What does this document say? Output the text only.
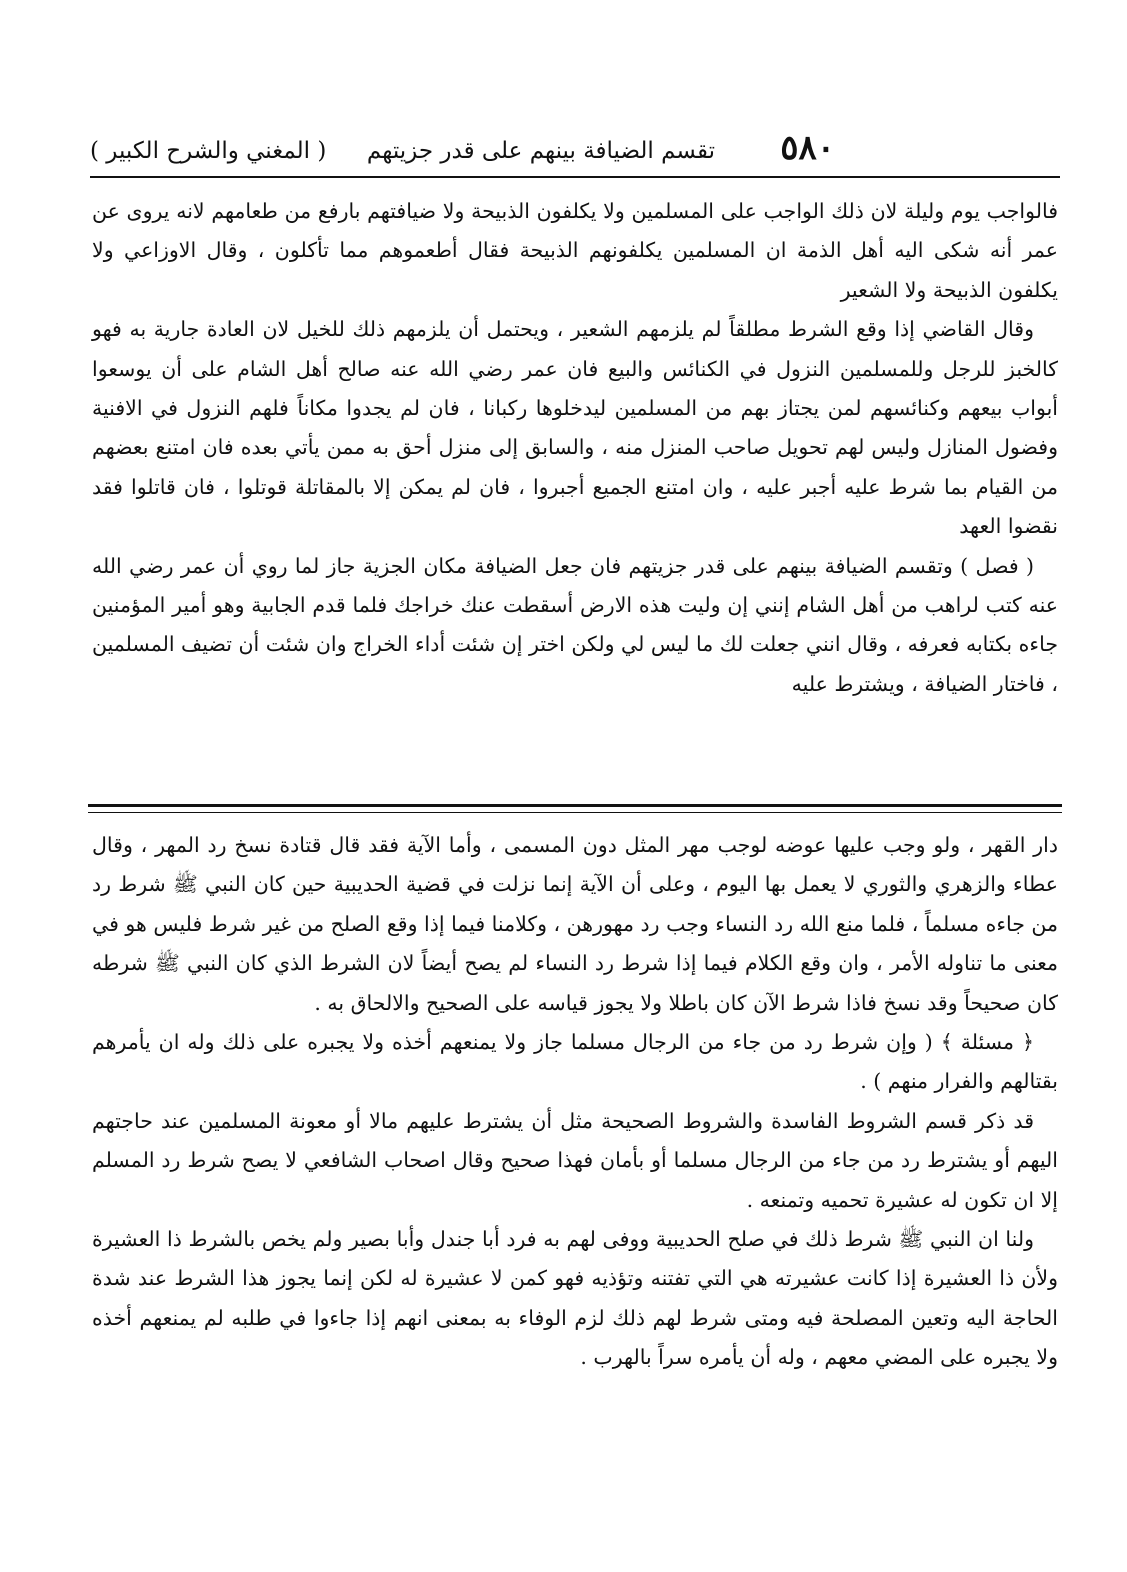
٥٨٠
تقسم الضيافة بينهم على قدر جزيتهم
( المغني والشرح الكبير )

فالواجب يوم وليلة لان ذلك الواجب على المسلمين ولا يكلفون الذبيحة ولا ضيافتهم بارفع من طعامهم لانه يروى عن عمر أنه شكى اليه أهل الذمة ان المسلمين يكلفونهم الذبيحة فقال أطعموهم مما تأكلون ، وقال الاوزاعي ولا يكلفون الذبيحة ولا الشعير

وقال القاضي إذا وقع الشرط مطلقاً لم يلزمهم الشعير ، ويحتمل أن يلزمهم ذلك للخيل لان العادة جارية به فهو كالخبز للرجل وللمسلمين النزول في الكنائس والبيع فان عمر رضي الله عنه صالح أهل الشام على أن يوسعوا أبواب بيعهم وكنائسهم لمن يجتاز بهم من المسلمين ليدخلوها ركبانا ، فان لم يجدوا مكاناً فلهم النزول في الافنية وفضول المنازل وليس لهم تحويل صاحب المنزل منه ، والسابق إلى منزل أحق به ممن يأتي بعده فان امتنع بعضهم من القيام بما شرط عليه أجبر عليه ، وان امتنع الجميع أجبروا ، فان لم يمكن إلا بالمقاتلة قوتلوا ، فان قاتلوا فقد نقضوا العهد

( فصل ) وتقسم الضيافة بينهم على قدر جزيتهم فان جعل الضيافة مكان الجزية جاز لما روي أن عمر رضي الله عنه كتب لراهب من أهل الشام إنني إن وليت هذه الارض أسقطت عنك خراجك فلما قدم الجابية وهو أمير المؤمنين جاءه بكتابه فعرفه ، وقال انني جعلت لك ما ليس لي ولكن اختر إن شئت أداء الخراج وان شئت أن تضيف المسلمين ، فاختار الضيافة ، ويشترط عليه

دار القهر ، ولو وجب عليها عوضه لوجب مهر المثل دون المسمى ، وأما الآية فقد قال قتادة نسخ رد المهر ، وقال عطاء والزهري والثوري لا يعمل بها اليوم ، وعلى أن الآية إنما نزلت في قضية الحديبية حين كان النبي ﷺ شرط رد من جاءه مسلماً ، فلما منع الله رد النساء وجب رد مهورهن ، وكلامنا فيما إذا وقع الصلح من غير شرط فليس هو في معنى ما تناوله الأمر ، وان وقع الكلام فيما إذا شرط رد النساء لم يصح أيضاً لان الشرط الذي كان النبي ﷺ شرطه كان صحيحاً وقد نسخ فاذا شرط الآن كان باطلا ولا يجوز قياسه على الصحيح والالحاق به .

﴿ مسئلة ﴾ ( وإن شرط رد من جاء من الرجال مسلما جاز ولا يمنعهم أخذه ولا يجبره على ذلك وله ان يأمرهم بقتالهم والفرار منهم ) .

قد ذكر قسم الشروط الفاسدة والشروط الصحيحة مثل أن يشترط عليهم مالا أو معونة المسلمين عند حاجتهم اليهم أو يشترط رد من جاء من الرجال مسلما أو بأمان فهذا صحيح وقال اصحاب الشافعي لا يصح شرط رد المسلم إلا ان تكون له عشيرة تحميه وتمنعه .

ولنا ان النبي ﷺ شرط ذلك في صلح الحديبية ووفى لهم به فرد أبا جندل وأبا بصير ولم يخص بالشرط ذا العشيرة ولأن ذا العشيرة إذا كانت عشيرته هي التي تفتنه وتؤذيه فهو كمن لا عشيرة له لكن إنما يجوز هذا الشرط عند شدة الحاجة اليه وتعين المصلحة فيه ومتى شرط لهم ذلك لزم الوفاء به بمعنى انهم إذا جاءوا في طلبه لم يمنعهم أخذه ولا يجبره على المضي معهم ، وله أن يأمره سراً بالهرب .
